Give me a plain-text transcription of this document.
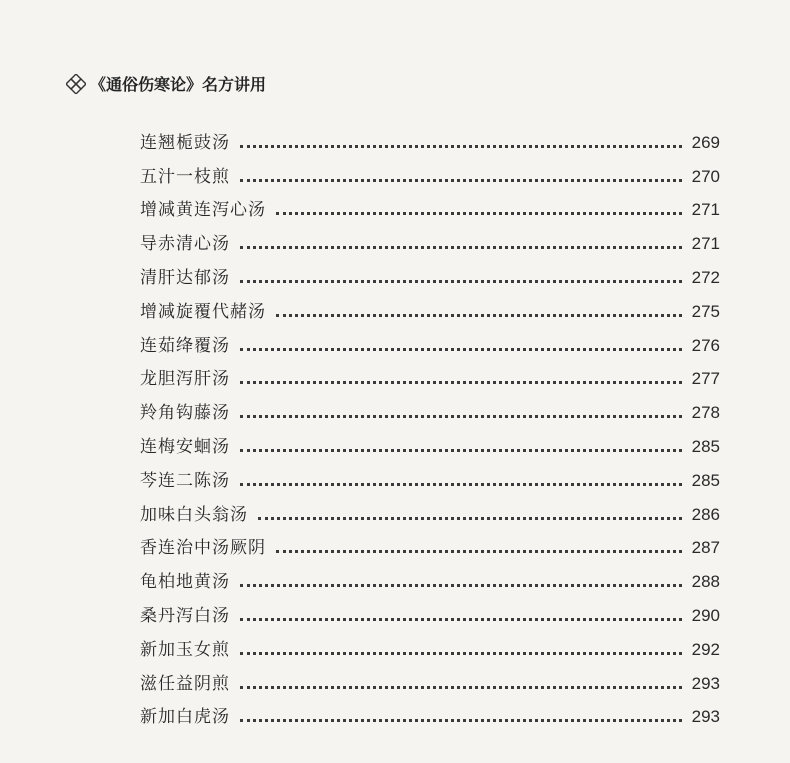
《通俗伤寒论》名方讲用
连翘栀豉汤	269
五汁一枝煎	270
增减黄连泻心汤	271
导赤清心汤	271
清肝达郁汤	272
增减旋覆代赭汤	275
连茹绛覆汤	276
龙胆泻肝汤	277
羚角钩藤汤	278
连梅安蛔汤	285
芩连二陈汤	285
加味白头翁汤	286
香连治中汤厥阴	287
龟柏地黄汤	288
桑丹泻白汤	290
新加玉女煎	292
滋任益阴煎	293
新加白虎汤	293
